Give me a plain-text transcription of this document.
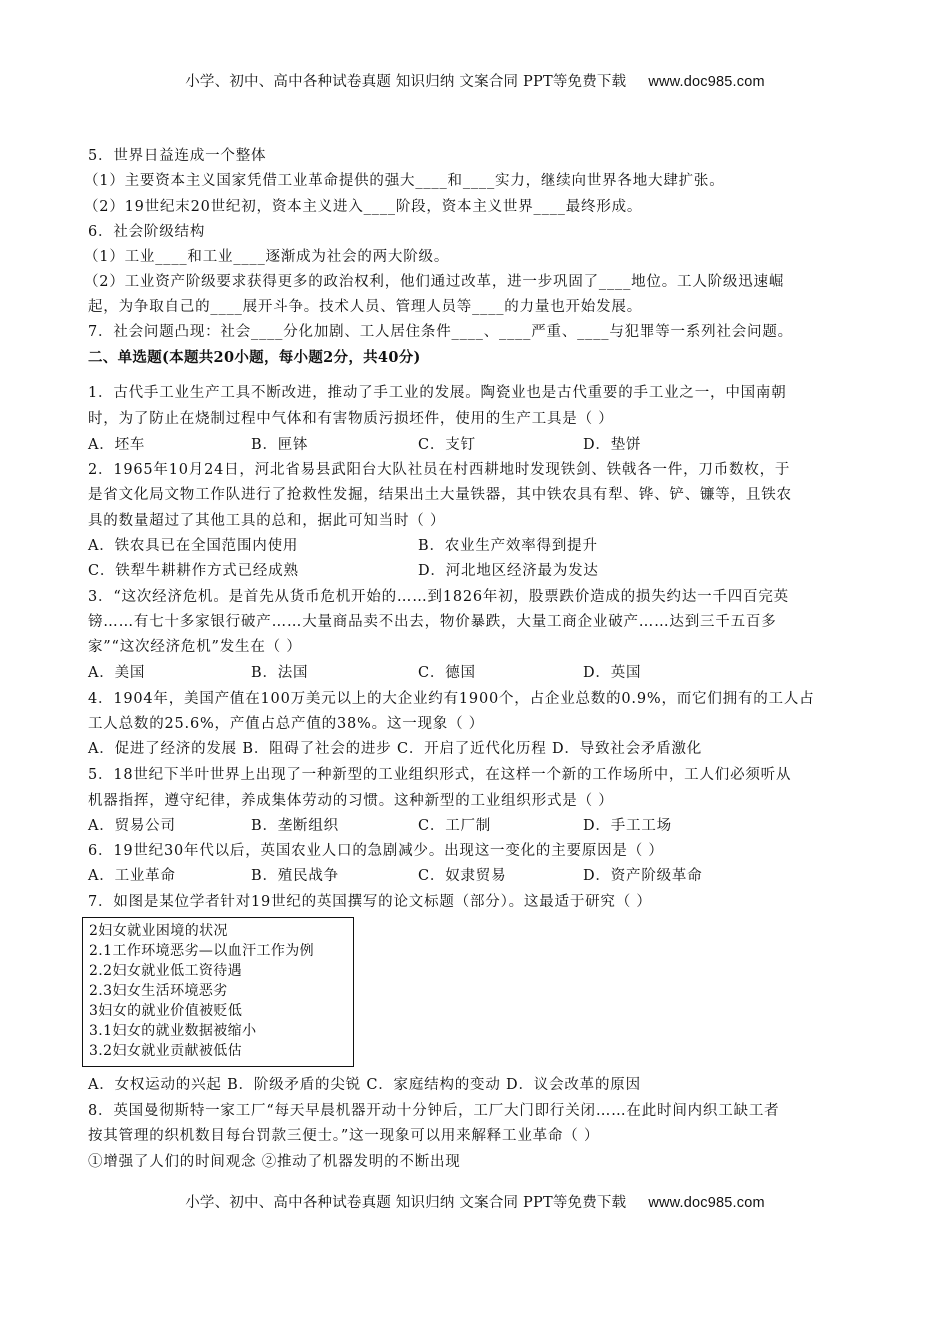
小学、初中、高中各种试卷真题 知识归纳 文案合同 PPT等免费下载 www.doc985.com
5．世界日益连成一个整体
（1）主要资本主义国家凭借工业革命提供的强大____和____实力，继续向世界各地大肆扩张。
（2）19世纪末20世纪初，资本主义进入____阶段，资本主义世界____最终形成。
6．社会阶级结构
（1）工业____和工业____逐渐成为社会的两大阶级。
（2）工业资产阶级要求获得更多的政治权利，他们通过改革，进一步巩固了____地位。工人阶级迅速崛
起，为争取自己的____展开斗争。技术人员、管理人员等____的力量也开始发展。
7．社会问题凸现：社会____分化加剧、工人居住条件____、____严重、____与犯罪等一系列社会问题。
二、单选题(本题共20小题，每小题2分，共40分)
1．古代手工业生产工具不断改进，推动了手工业的发展。陶瓷业也是古代重要的手工业之一，中国南朝
时，为了防止在烧制过程中气体和有害物质污损坯件，使用的生产工具是（ ）
A．坯车	B．匣钵	C．支钉	D．垫饼
2．1965年10月24日，河北省易县武阳台大队社员在村西耕地时发现铁剑、铁戟各一件，刀币数枚，于
是省文化局文物工作队进行了抢救性发掘，结果出土大量铁器，其中铁农具有犁、铧、铲、镰等，且铁农
具的数量超过了其他工具的总和，据此可知当时（ ）
A．铁农具已在全国范围内使用	B．农业生产效率得到提升
C．铁犁牛耕耕作方式已经成熟	D．河北地区经济最为发达
3．“这次经济危机。是首先从货币危机开始的……到1826年初，股票跌价造成的损失约达一千四百完英
镑……有七十多家银行破产……大量商品卖不出去，物价暴跌，大量工商企业破产……达到三千五百多
家”“这次经济危机”发生在（ ）
A．美国	B．法国	C．德国	D．英国
4．1904年，美国产值在100万美元以上的大企业约有1900个，占企业总数的0.9%，而它们拥有的工人占
工人总数的25.6%，产值占总产值的38%。这一现象（ ）
A．促进了经济的发展 B．阻碍了社会的进步 C．开启了近代化历程 D．导致社会矛盾激化
5．18世纪下半叶世界上出现了一种新型的工业组织形式，在这样一个新的工作场所中，工人们必须听从
机器指挥，遵守纪律，养成集体劳动的习惯。这种新型的工业组织形式是（ ）
A．贸易公司	B．垄断组织	C．工厂制	D．手工工场
6．19世纪30年代以后，英国农业人口的急剧减少。出现这一变化的主要原因是（ ）
A．工业革命	B．殖民战争	C．奴隶贸易	D．资产阶级革命
7．如图是某位学者针对19世纪的英国撰写的论文标题（部分）。这最适于研究（ ）
2妇女就业困境的状况
2.1工作环境恶劣—以血汗工作为例
2.2妇女就业低工资待遇
2.3妇女生活环境恶劣
3妇女的就业价值被贬低
3.1妇女的就业数据被缩小
3.2妇女就业贡献被低估
A．女权运动的兴起 B．阶级矛盾的尖锐 C．家庭结构的变动 D．议会改革的原因
8．英国曼彻斯特一家工厂“每天早晨机器开动十分钟后，工厂大门即行关闭……在此时间内织工缺工者
按其管理的织机数目每台罚款三便士。”这一现象可以用来解释工业革命（ ）
①增强了人们的时间观念 ②推动了机器发明的不断出现
小学、初中、高中各种试卷真题 知识归纳 文案合同 PPT等免费下载 www.doc985.com
